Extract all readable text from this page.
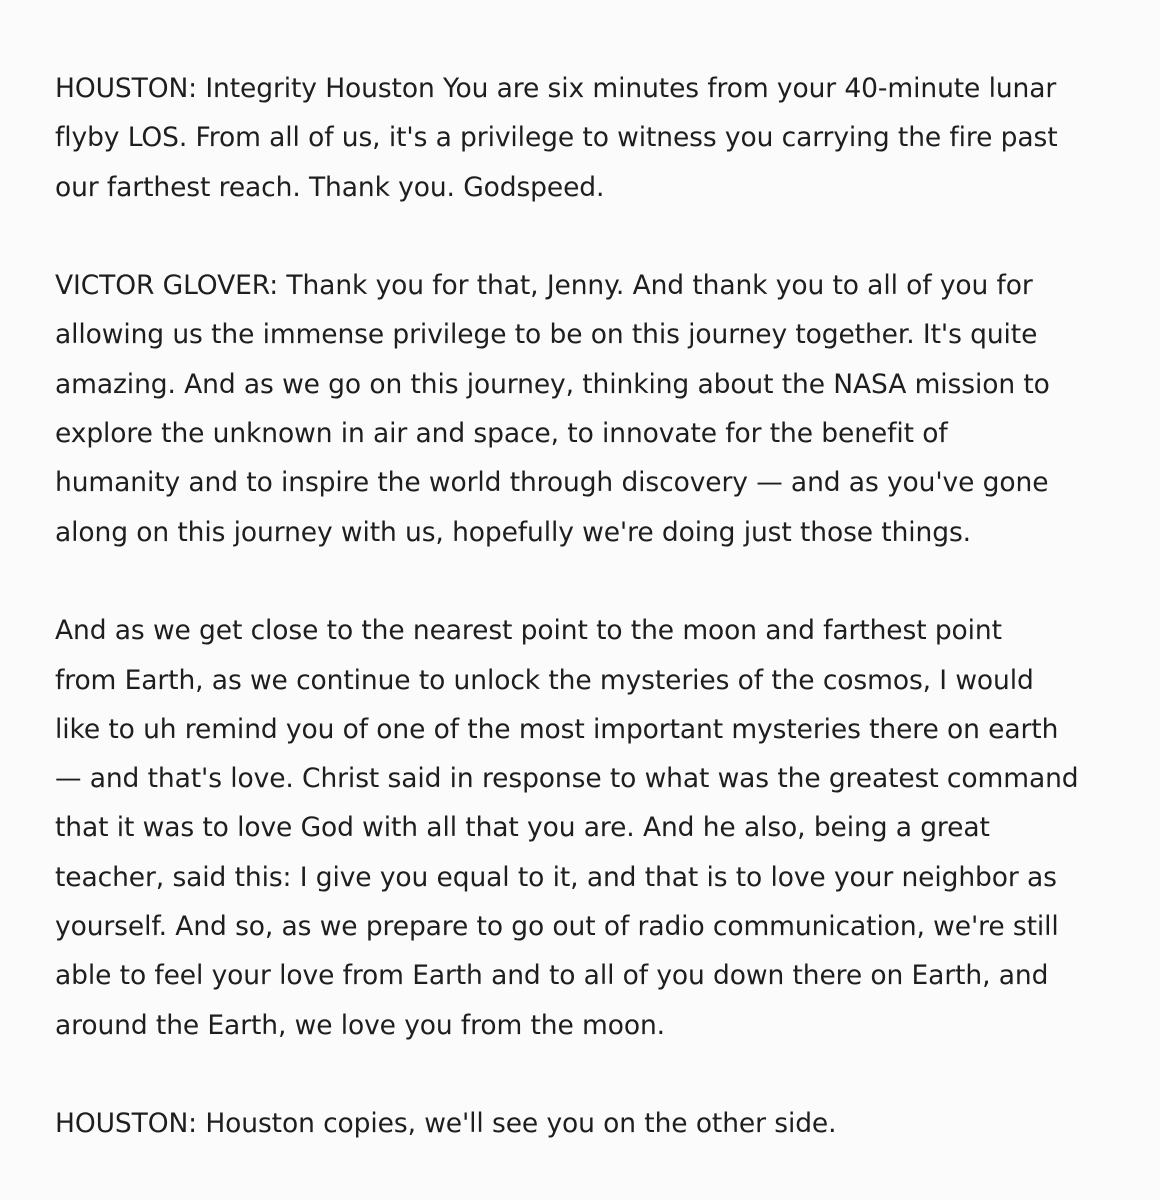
HOUSTON: Integrity Houston You are six minutes from your 40-minute lunar
flyby LOS. From all of us, it's a privilege to witness you carrying the fire past
our farthest reach. Thank you. Godspeed.
VICTOR GLOVER: Thank you for that, Jenny. And thank you to all of you for
allowing us the immense privilege to be on this journey together. It's quite
amazing. And as we go on this journey, thinking about the NASA mission to
explore the unknown in air and space, to innovate for the benefit of
humanity and to inspire the world through discovery — and as you've gone
along on this journey with us, hopefully we're doing just those things.
And as we get close to the nearest point to the moon and farthest point
from Earth, as we continue to unlock the mysteries of the cosmos, I would
like to uh remind you of one of the most important mysteries there on earth
— and that's love. Christ said in response to what was the greatest command
that it was to love God with all that you are. And he also, being a great
teacher, said this: I give you equal to it, and that is to love your neighbor as
yourself. And so, as we prepare to go out of radio communication, we're still
able to feel your love from Earth and to all of you down there on Earth, and
around the Earth, we love you from the moon.
HOUSTON: Houston copies, we'll see you on the other side.
